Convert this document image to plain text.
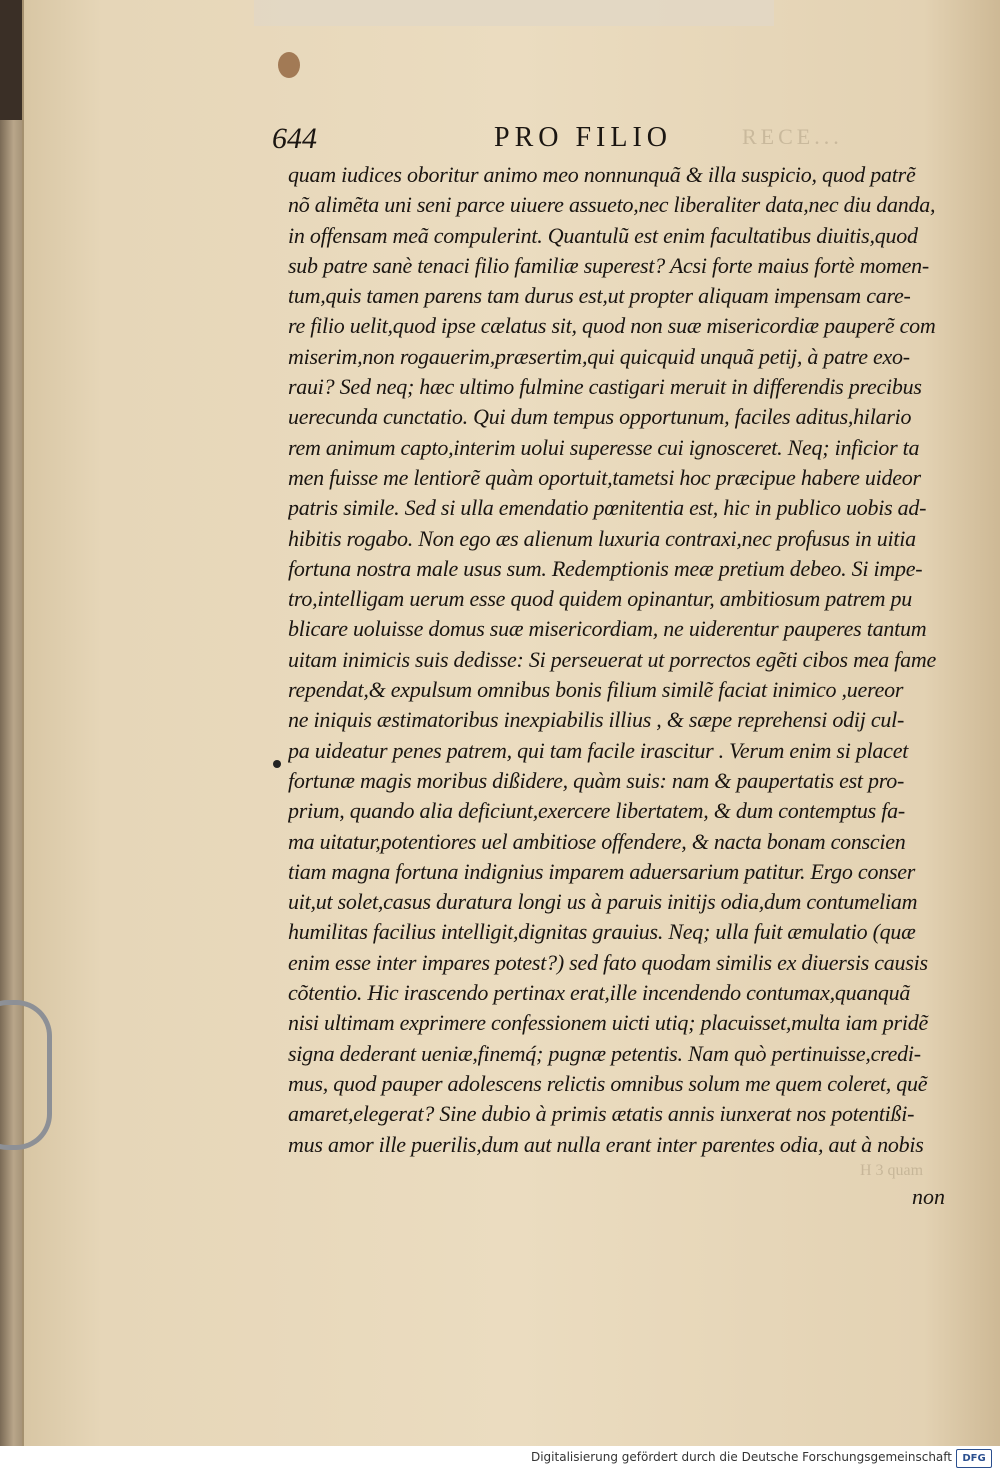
644	PRO FILIO	RECE...
quam iudices oboritur animo meo nonnunquã & illa suspicio, quod patrẽ
nõ alimẽta uni seni parce uiuere assueto,nec liberaliter data,nec diu danda,
in offensam meã compulerint. Quantulũ est enim facultatibus diuitis,quod
sub patre sanè tenaci filio familiæ superest? Acsi forte maius fortè momen-
tum,quis tamen parens tam durus est,ut propter aliquam impensam care-
re filio uelit,quod ipse cælatus sit, quod non suæ misericordiæ pauperẽ com
miserim,non rogauerim,præsertim,qui quicquid unquã petij, à patre exo-
raui? Sed neq; hæc ultimo fulmine castigari meruit in differendis precibus
uerecunda cunctatio. Qui dum tempus opportunum, faciles aditus,hilario
rem animum capto,interim uolui superesse cui ignosceret. Neq; inficior ta
men fuisse me lentiorẽ quàm oportuit,tametsi hoc præcipue habere uideor
patris simile. Sed si ulla emendatio pœnitentia est, hic in publico uobis ad-
hibitis rogabo. Non ego æs alienum luxuria contraxi,nec profusus in uitia
fortuna nostra male usus sum. Redemptionis meæ pretium debeo. Si impe-
tro,intelligam uerum esse quod quidem opinantur, ambitiosum patrem pu
blicare uoluisse domus suæ misericordiam, ne uiderentur pauperes tantum
uitam inimicis suis dedisse: Si perseuerat ut porrectos egẽti cibos mea fame
rependat,& expulsum omnibus bonis filium similẽ faciat inimico ,uereor
ne iniquis æstimatoribus inexpiabilis illius , & sæpe reprehensi odij cul-
pa uideatur penes patrem, qui tam facile irascitur . Verum enim si placet
fortunæ magis moribus dißidere, quàm suis: nam & paupertatis est pro-
prium, quando alia deficiunt,exercere libertatem, & dum contemptus fa-
ma uitatur,potentiores uel ambitiose offendere, & nacta bonam conscien
tiam magna fortuna indignius imparem aduersarium patitur. Ergo conser
uit,ut solet,casus duratura longi us à paruis initijs odia,dum contumeliam
humilitas facilius intelligit,dignitas grauius. Neq; ulla fuit æmulatio (quæ
enim esse inter impares potest?) sed fato quodam similis ex diuersis causis
cõtentio. Hic irascendo pertinax erat,ille incendendo contumax,quanquã
nisi ultimam exprimere confessionem uicti utiq; placuisset,multa iam pridẽ
signa dederant ueniæ,finemq́; pugnæ petentis. Nam quò pertinuisse,credi-
mus, quod pauper adolescens relictis omnibus solum me quem coleret, quẽ
amaret,elegerat? Sine dubio à primis ætatis annis iunxerat nos potentißi-
mus amor ille puerilis,dum aut nulla erant inter parentes odia, aut à nobis
H 3 quam
non
Digitalisierung gefördert durch die Deutsche Forschungsgemeinschaft	DFG
